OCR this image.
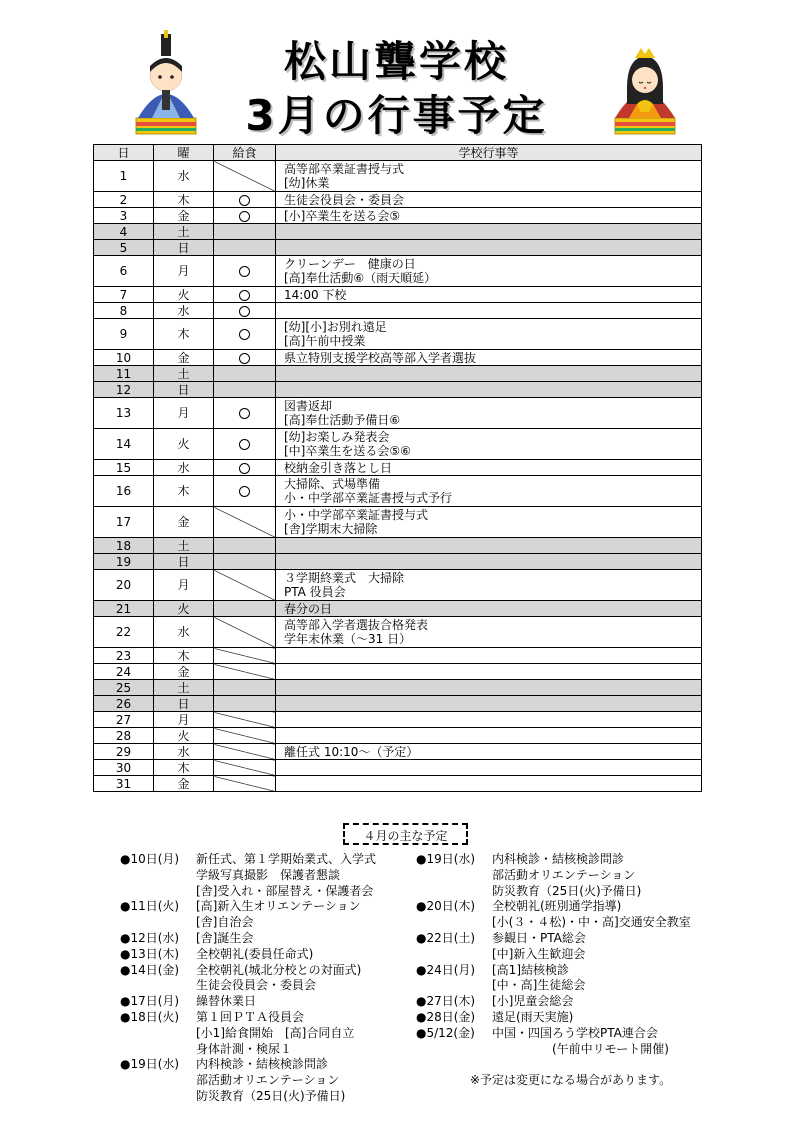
松山聾学校
3月の行事予定
日	曜	給食	学校行事等
1	水		高等部卒業証書授与式
[幼]休業

2	木		生徒会役員会・委員会

3	金		[小]卒業生を送る会⑤

4	土		
5	日		
6	月		クリーンデー　健康の日
[高]奉仕活動⑥（雨天順延）

7	火		14:00 下校

8	水		
9	木		[幼][小]お別れ遠足
[高]午前中授業

10	金		県立特別支援学校高等部入学者選抜

11	土		
12	日		
13	月		図書返却
[高]奉仕活動予備日⑥

14	火		[幼]お楽しみ発表会
[中]卒業生を送る会⑤⑥

15	水		校納金引き落とし日

16	木		大掃除、式場準備
小・中学部卒業証書授与式予行

17	金		小・中学部卒業証書授与式
[舎]学期末大掃除

18	土		
19	日		
20	月		３学期終業式　大掃除
PTA 役員会

21	火		春分の日

22	水		高等部入学者選抜合格発表
学年末休業（～31 日）

23	木		
24	金		
25	土		
26	日		
27	月		
28	火		
29	水		離任式 10:10～（予定）

30	木		
31	金		
４月の主な予定
●10日(月)	新任式、第１学期始業式、入学式
学級写真撮影　保護者懇談
[舎]受入れ・部屋替え・保護者会
●11日(火)	[高]新入生オリエンテーション
[舎]自治会
●12日(水)	[舎]誕生会
●13日(木)	全校朝礼(委員任命式)
●14日(金)	全校朝礼(城北分校との対面式)
生徒会役員会・委員会
●17日(月)	繰替休業日
●18日(火)	第１回ＰＴＡ役員会
[小1]給食開始　[高]合同自立
身体計測・検尿１
●19日(水)	内科検診・結核検診問診
部活動オリエンテーション
防災教育（25日(火)予備日)
●19日(水)	内科検診・結核検診問診
部活動オリエンテーション
防災教育（25日(火)予備日)
●20日(木)	全校朝礼(班別通学指導)
[小(３・４松)・中・高]交通安全教室
●22日(土)	参観日・PTA総会
[中]新入生歓迎会
●24日(月)	[高1]結核検診
[中・高]生徒総会
●27日(木)	[小]児童会総会
●28日(金)	遠足(雨天実施)
●5/12(金)	中国・四国ろう学校PTA連合会
　　　　　(午前中リモート開催)
※予定は変更になる場合があります。
